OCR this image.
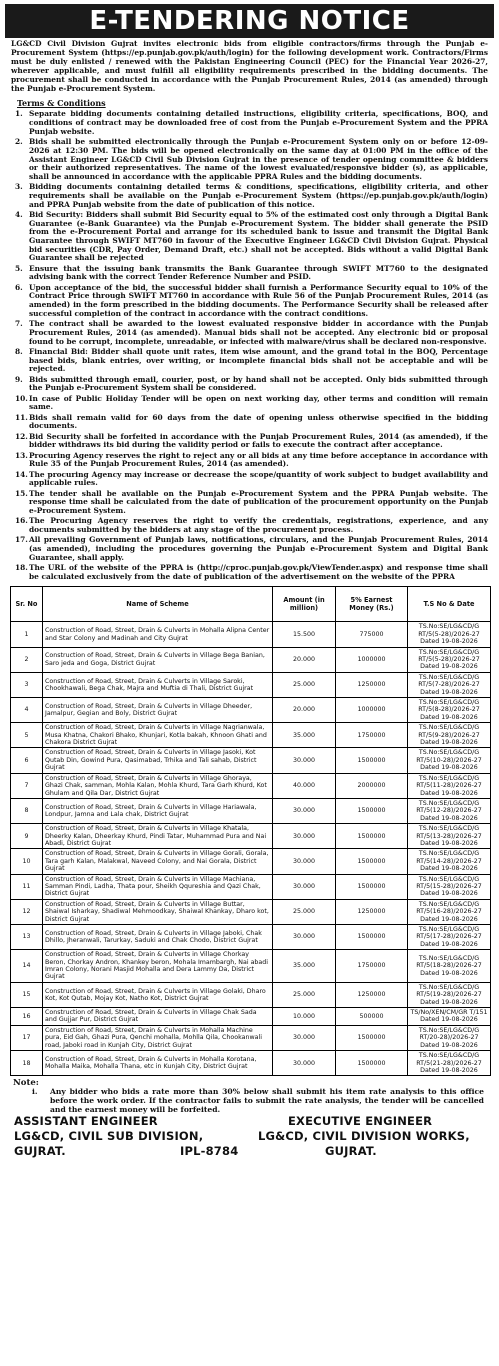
E-TENDERING NOTICE
LG&CD Civil Division Gujrat invites electronic bids from eligible contractors/firms through the Punjab e-Procurement System (https://ep.punjab.gov.pk/auth/login) for the following development work. Contractors/Firms must be duly enlisted / renewed with the Pakistan Engineering Council (PEC) for the Financial Year 2026-27, wherever applicable, and must fulfill all eligibility requirements prescribed in the bidding documents. The procurement shall be conducted in accordance with the Punjab Procurement Rules, 2014 (as amended) through the Punjab e-Procurement System.
Terms & Conditions
1. Separate bidding documents containing detailed instructions, eligibility criteria, specifications, BOQ, and conditions of contract may be downloaded free of cost from the Punjab e-Procurement System and the PPRA Punjab website.
2. Bids shall be submitted electronically through the Punjab e-Procurement System only on or before 12-09-2026 at 12:30 PM. The bids will be opened electronically on the same day at 01:00 PM in the office of the Assistant Engineer LG&CD Civil Sub Division Gujrat in the presence of tender opening committee & bidders or their authorized representatives. The name of the lowest evaluated/responsive bidder (s), as applicable, shall be announced in accordance with the applicable PPRA Rules and the bidding documents.
3. Bidding documents containing detailed terms & conditions, specifications, eligibility criteria, and other requirements shall be available on the Punjab e-Procurement System (https://ep.punjab.gov.pk/auth/login) and PPRA Punjab website from the date of publication of this notice.
4. Bid Security: Bidders shall submit Bid Security equal to 5% of the estimated cost only through a Digital Bank Guarantee (e-Bank Guarantee) via the Punjab e-Procurement System. The bidder shall generate the PSID from the e-Procurement Portal and arrange for its scheduled bank to issue and transmit the Digital Bank Guarantee through SWIFT MT760 in favour of the Executive Engineer LG&CD Civil Division Gujrat. Physical bid securities (CDR, Pay Order, Demand Draft, etc.) shall not be accepted. Bids without a valid Digital Bank Guarantee shall be rejected
5. Ensure that the issuing bank transmits the Bank Guarantee through SWIFT MT760 to the designated advising bank with the correct Tender Reference Number and PSID.
6. Upon acceptance of the bid, the successful bidder shall furnish a Performance Security equal to 10% of the Contract Price through SWIFT MT760 in accordance with Rule 56 of the Punjab Procurement Rules, 2014 (as amended) in the form prescribed in the bidding documents. The Performance Security shall be released after successful completion of the contract in accordance with the contract conditions.
7. The contract shall be awarded to the lowest evaluated responsive bidder in accordance with the Punjab Procurement Rules, 2014 (as amended). Manual bids shall not be accepted. Any electronic bid or proposal found to be corrupt, incomplete, unreadable, or infected with malware/virus shall be declared non-responsive.
8. Financial Bid: Bidder shall quote unit rates, item wise amount, and the grand total in the BOQ, Percentage based bids, blank entries, over writing, or incomplete financial bids shall not be acceptable and will be rejected.
9. Bids submitted through email, courier, post, or by hand shall not be accepted. Only bids submitted through the Punjab e-Procurement System shall be considered.
10. In case of Public Holiday Tender will be open on next working day, other terms and condition will remain same.
11. Bids shall remain valid for 60 days from the date of opening unless otherwise specified in the bidding documents.
12. Bid Security shall be forfeited in accordance with the Punjab Procurement Rules, 2014 (as amended), if the bidder withdraws its bid during the validity period or fails to execute the contract after acceptance.
13. Procuring Agency reserves the right to reject any or all bids at any time before acceptance in accordance with Rule 35 of the Punjab Procurement Rules, 2014 (as amended).
14. The procuring Agency may increase or decrease the scope/quantity of work subject to budget availability and applicable rules.
15. The tender shall be available on the Punjab e-Procurement System and the PPRA Punjab website. The response time shall be calculated from the date of publication of the procurement opportunity on the Punjab e-Procurement System.
16. The Procuring Agency reserves the right to verify the credentials, registrations, experience, and any documents submitted by the bidders at any stage of the procurement process.
17. All prevailing Government of Punjab laws, notifications, circulars, and the Punjab Procurement Rules, 2014 (as amended), including the procedures governing the Punjab e-Procurement System and Digital Bank Guarantee, shall apply.
18. The URL of the website of the PPRA is (http://cproc.punjab.gov.pk/ViewTender.aspx) and response time shall be calculated exclusively from the date of publication of the advertisement on the website of the PPRA
Sr. No	Name of Scheme	Amount (in million)	5% Earnest Money (Rs.)	T.S No & Date
1	Construction of Road, Street, Drain & Culverts in Mohalla Alipna Center and Star Colony and Madinah and City Gujrat	15.500	775000	TS.No:SE/LG&CD/G RT/5(5-28)/2026-27 Dated 19-08-2026
2	Construction of Road, Street, Drain & Culverts in Village Bega Banian, Saro jeda and Goga, District Gujrat	20.000	1000000	TS.No:SE/LG&CD/G RT/5(5-28)/2026-27 Dated 19-08-2026
3	Construction of Road, Street, Drain & Culverts in Village Saroki, Chookhawali, Bega Chak, Majra and Muftia di Thali, District Gujrat	25.000	1250000	TS.No:SE/LG&CD/G RT/5(7-28)/2026-27 Dated 19-08-2026
4	Construction of Road, Street, Drain & Culverts in Village Dheeder, Jamalpur, Gegian and Boly, District Gujrat	20.000	1000000	TS.No:SE/LG&CD/G RT/5(8-28)/2026-27 Dated 19-08-2026
5	Construction of Road, Street, Drain & Culverts in Village Nagrianwala, Musa Khatna, Chakori Bhako, Khunjari, Kotla bakah, Khnoon Ghati and Chakora District Gujrat	35.000	1750000	TS.No:SE/LG&CD/G RT/5(9-28)/2026-27 Dated 19-08-2026
6	Construction of Road, Street, Drain & Culverts in Village Jasoki, Kot Qutab Din, Gowind Pura, Qasimabad, Trhika and Tali sahab, District Gujrat	30.000	1500000	TS.No:SE/LG&CD/G RT/5(10-28)/2026-27 Dated 19-08-2026
7	Construction of Road, Street, Drain & Culverts in Village Ghoraya, Ghazi Chak, samman, Mohla Kalan, Mohla Khurd, Tara Garh Khurd, Kot Ghulam and Qila Dar, District Gujrat	40.000	2000000	TS.No:SE/LG&CD/G RT/5(11-28)/2026-27 Dated 19-08-2026
8	Construction of Road, Street, Drain & Culverts in Village Hariawala, Londpur, Jamna and Lala chak, District Gujrat	30.000	1500000	TS.No:SE/LG&CD/G RT/5(12-28)/2026-27 Dated 19-08-2026
9	Construction of Road, Street, Drain & Culverts in Village Khatala, Dheerky Kalan, Dheerkay Khurd, Pindi Tatar, Muhammad Pura and Nai Abadi, District Gujrat	30.000	1500000	TS.No:SE/LG&CD/G RT/5(13-28)/2026-27 Dated 19-08-2026
10	Construction of Road, Street, Drain & Culverts in Village Gorali, Gorala, Tara garh Kalan, Malakwal, Naveed Colony, and Nai Gorala, District Gujrat	30.000	1500000	TS.No:SE/LG&CD/G RT/5(14-28)/2026-27 Dated 19-08-2026
11	Construction of Road, Street, Drain & Culverts in Village Machiana, Samman Pindi, Ladha, Thata pour, Sheikh Qqureshia and Qazi Chak, District Gujrat	30.000	1500000	TS.No:SE/LG&CD/G RT/5(15-28)/2026-27 Dated 19-08-2026
12	Construction of Road, Street, Drain & Culverts in Village Buttar, Shaiwal Isharkay, Shadiwal Mehmoodkay, Shaiwal Khankay, Dharo kot, District Gujrat	25.000	1250000	TS.No:SE/LG&CD/G RT/5(16-28)/2026-27 Dated 19-08-2026
13	Construction of Road, Street, Drain & Culverts in Village Jaboki, Chak Dhillo, Jheranwali, Tarurkay, Saduki and Chak Chodo, District Gujrat	30.000	1500000	TS.No:SE/LG&CD/G RT/5(17-28)/2026-27 Dated 19-08-2026
14	Construction of Road, Street, Drain & Culverts in Village Chorkay Beron, Chorkay Andron, Khankey beron, Mohala Imambargh, Nai abadi Imran Colony, Norani Masjid Mohalla and Dera Lammy Da, District Gujrat	35.000	1750000	TS.No:SE/LG&CD/G RT/5(18-28)/2026-27 Dated 19-08-2026
15	Construction of Road, Street, Drain & Culverts in Village Golaki, Dharo Kot, Kot Qutab, Mojay Kot, Natho Kot, District Gujrat	25.000	1250000	TS.No:SE/LG&CD/G RT/5(19-28)/2026-27 Dated 19-08-2026
16	Construction of Road, Street, Drain & Culverts in Village Chak Sada and Gujjar Pur, District Gujrat	10.000	500000	TS/No/XEN/CM/GR T/151 Dated 19-08-2026
17	Construction of Road, Street, Drain & Culverts in Mohalla Machine pura, Eid Gah, Ghazi Pura, Qenchi mohalla, Mohlla Qila, Chookanwali road, Jaboki road in Kunjah City, District Gujrat	30.000	1500000	TS.No:SE/LG&CD/G RT/20-28)/2026-27 Dated 19-08-2026
18	Construction of Road, Street, Drain & Culverts in Mohalla Korotana, Mohalla Maika, Mohalla Thana, etc in Kunjah City, District Gujrat	30.000	1500000	TS.No:SE/LG&CD/G RT/5(21-28)/2026-27 Dated 19-08-2026
Note:
i. Any bidder who bids a rate more than 30% below shall submit his item rate analysis to this office before the work order. If the contractor fails to submit the rate analysis, the tender will be cancelled and the earnest money will be forfeited.
ASSISTANT ENGINEER	EXECUTIVE ENGINEER
LG&CD, CIVIL SUB DIVISION,	LG&CD, CIVIL DIVISION WORKS,
GUJRAT.	IPL-8784	GUJRAT.
